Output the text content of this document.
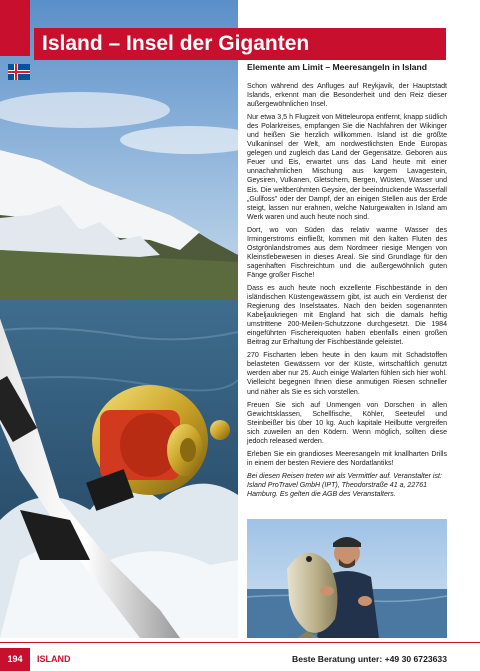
Island – Insel der Giganten
Elemente am Limit – Meeresangeln in Island

Schon während des Anfluges auf Reykjavik, der Hauptstadt Islands, erkennt man die Besonderheit und den Reiz dieser außergewöhnlichen Insel.

Nur etwa 3,5 h Flugzeit von Mitteleuropa entfernt, knapp südlich des Polarkreises, empfangen Sie die Nachfahren der Wikinger und heißen Sie herzlich willkommen. Island ist die größte Vulkaninsel der Welt, am nordwestlichsten Ende Europas gelegen und zugleich das Land der Gegensätze. Geboren aus Feuer und Eis, erwartet uns das Land heute mit einer unnachahmlichen Mischung aus kargem Lavagestein, Geysiren, Vulkanen, Gletschern, Bergen, Wüsten, Wasser und Eis. Die weltberühmten Geysire, der beeindruckende Wasserfall „Gullfoss" oder der Dampf, der an einigen Stellen aus der Erde steigt, lassen nur erahnen, welche Naturgewalten in Island am Werk waren und auch heute noch sind.

Dort, wo von Süden das relativ warme Wasser des Irmingerstroms einfließt, kommen mit den kalten Fluten des Ostgrönlandstromes aus dem Nordmeer riesige Mengen von Kleinstlebewesen in dieses Areal. Sie sind Grundlage für den sagenhaften Fischreichtum und die außergewöhnlich guten Fänge großer Fische!

Dass es auch heute noch exzellente Fischbestände in den isländischen Küstengewässern gibt, ist auch ein Verdienst der Regierung des Inselstaates. Nach den beiden sogenannten Kabeljaukriegen mit England hat sich die damals heftig umstrittene 200-Meilen-Schutzzone durchgesetzt. Die 1984 eingeführten Fischereiquoten haben ebenfalls einen großen Beitrag zur Erhaltung der Fischbestände geleistet.

270 Fischarten leben heute in den kaum mit Schadstoffen belasteten Gewässern vor der Küste, wirtschaftlich genutzt werden aber nur 25. Auch einige Walarten fühlen sich hier wohl. Vielleicht begegnen Ihnen diese anmutigen Riesen schneller und näher als Sie es sich vorstellen.

Freuen Sie sich auf Unmengen von Dorschen in allen Gewichtsklassen, Schellfische, Köhler, Seeteufel und Steinbeißer bis über 10 kg. Auch kapitale Heilbutte vergreifen sich zuweilen an den Ködern. Wenn möglich, sollten diese jedoch released werden.

Erleben Sie ein grandioses Meeresangeln mit knallharten Drills in einem der besten Reviere des Nordatlantiks!

Bei diesen Reisen treten wir als Vermittler auf. Veranstalter ist: Island ProTravel GmbH (IPT), Theodorstraße 41 a, 22761 Hamburg. Es gelten die AGB des Veranstalters.

194	ISLAND	Beste Beratung unter: +49 30 6723633
